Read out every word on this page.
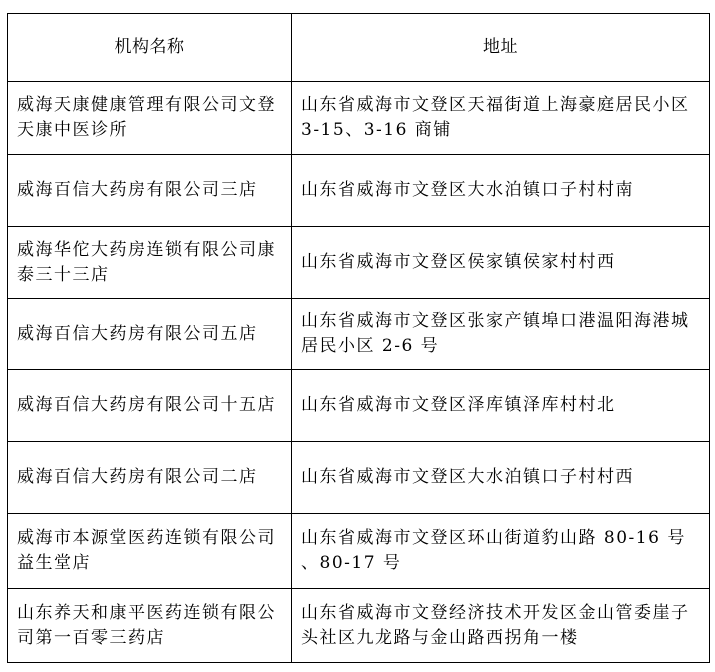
机构名称	地址
威海天康健康管理有限公司文登天康中医诊所	山东省威海市文登区天福街道上海豪庭居民小区 3-15、3-16 商铺
威海百信大药房有限公司三店	山东省威海市文登区大水泊镇口子村村南
威海华佗大药房连锁有限公司康泰三十三店	山东省威海市文登区侯家镇侯家村村西
威海百信大药房有限公司五店	山东省威海市文登区张家产镇埠口港温阳海港城居民小区 2-6 号
威海百信大药房有限公司十五店	山东省威海市文登区泽库镇泽库村村北
威海百信大药房有限公司二店	山东省威海市文登区大水泊镇口子村村西
威海市本源堂医药连锁有限公司益生堂店	山东省威海市文登区环山街道豹山路 80-16 号 、80-17 号
山东养天和康平医药连锁有限公司第一百零三药店	山东省威海市文登经济技术开发区金山管委崖子头社区九龙路与金山路西拐角一楼
